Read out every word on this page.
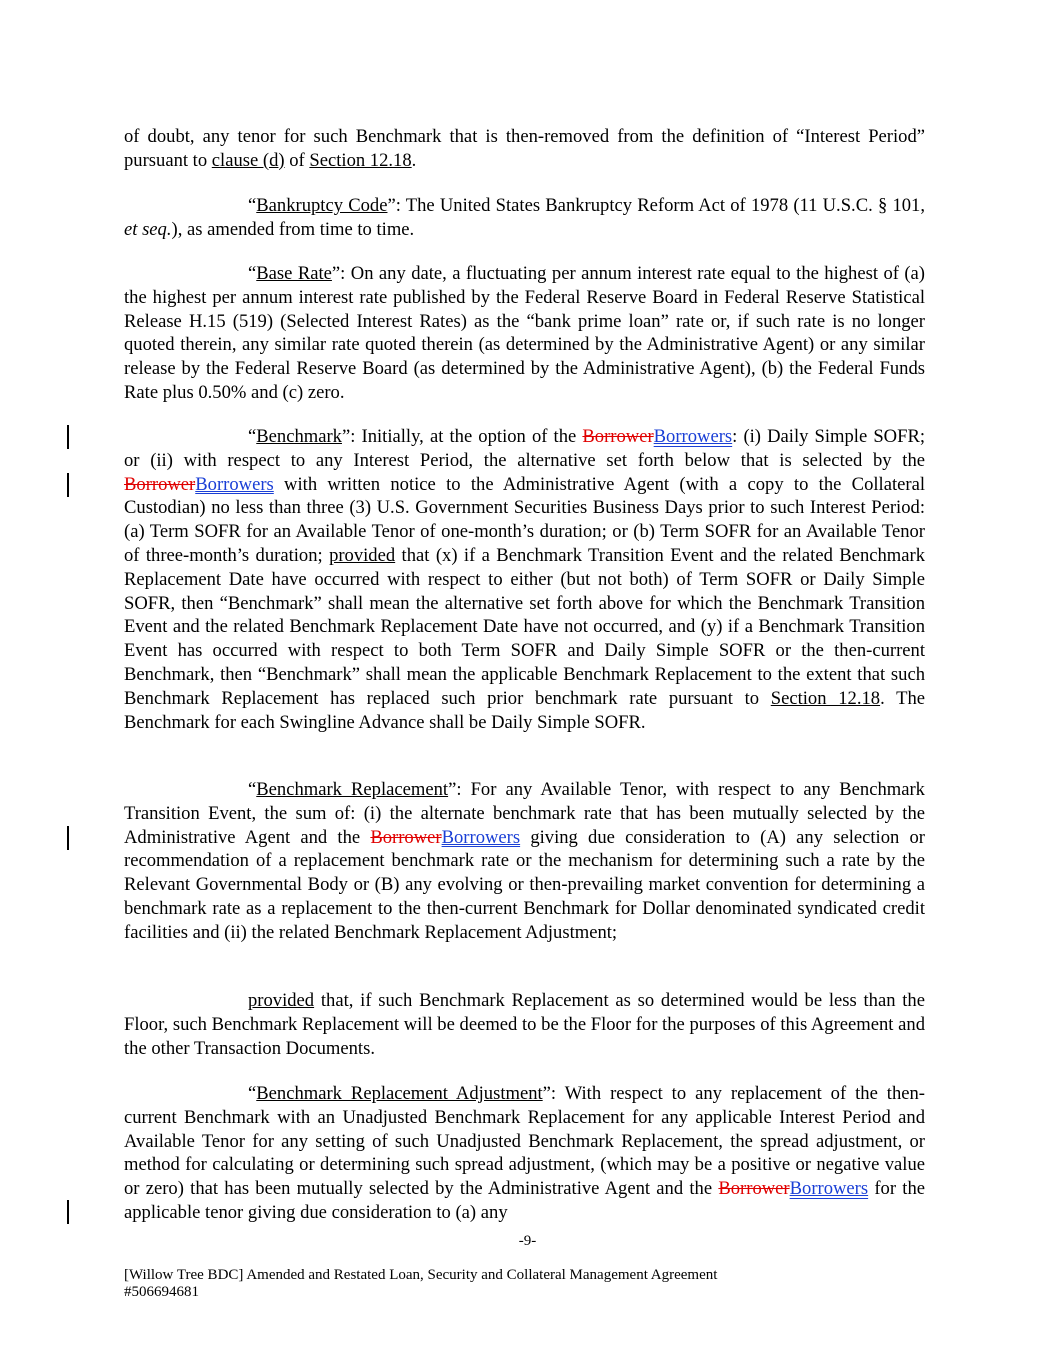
of doubt, any tenor for such Benchmark that is then-removed from the definition of “Interest Period” pursuant to clause (d) of Section 12.18.

“Bankruptcy Code”: The United States Bankruptcy Reform Act of 1978 (11 U.S.C. § 101, et seq.), as amended from time to time.

“Base Rate”: On any date, a fluctuating per annum interest rate equal to the highest of (a) the highest per annum interest rate published by the Federal Reserve Board in Federal Reserve Statistical Release H.15 (519) (Selected Interest Rates) as the “bank prime loan” rate or, if such rate is no longer quoted therein, any similar rate quoted therein (as determined by the Administrative Agent) or any similar release by the Federal Reserve Board (as determined by the Administrative Agent), (b) the Federal Funds Rate plus 0.50% and (c) zero.

“Benchmark”: Initially, at the option of the BorrowerBorrowers: (i) Daily Simple SOFR; or (ii) with respect to any Interest Period, the alternative set forth below that is selected by the BorrowerBorrowers with written notice to the Administrative Agent (with a copy to the Collateral Custodian) no less than three (3) U.S. Government Securities Business Days prior to such Interest Period: (a) Term SOFR for an Available Tenor of one-month’s duration; or (b) Term SOFR for an Available Tenor of three-month’s duration; provided that (x) if a Benchmark Transition Event and the related Benchmark Replacement Date have occurred with respect to either (but not both) of Term SOFR or Daily Simple SOFR, then “Benchmark” shall mean the alternative set forth above for which the Benchmark Transition Event and the related Benchmark Replacement Date have not occurred, and (y) if a Benchmark Transition Event has occurred with respect to both Term SOFR and Daily Simple SOFR or the then-current Benchmark, then “Benchmark” shall mean the applicable Benchmark Replacement to the extent that such Benchmark Replacement has replaced such prior benchmark rate pursuant to Section 12.18. The Benchmark for each Swingline Advance shall be Daily Simple SOFR.

“Benchmark Replacement”: For any Available Tenor, with respect to any Benchmark Transition Event, the sum of: (i) the alternate benchmark rate that has been mutually selected by the Administrative Agent and the BorrowerBorrowers giving due consideration to (A) any selection or recommendation of a replacement benchmark rate or the mechanism for determining such a rate by the Relevant Governmental Body or (B) any evolving or then-prevailing market convention for determining a benchmark rate as a replacement to the then-current Benchmark for Dollar denominated syndicated credit facilities and (ii) the related Benchmark Replacement Adjustment;

provided that, if such Benchmark Replacement as so determined would be less than the Floor, such Benchmark Replacement will be deemed to be the Floor for the purposes of this Agreement and the other Transaction Documents.

“Benchmark Replacement Adjustment”: With respect to any replacement of the then-current Benchmark with an Unadjusted Benchmark Replacement for any applicable Interest Period and Available Tenor for any setting of such Unadjusted Benchmark Replacement, the spread adjustment, or method for calculating or determining such spread adjustment, (which may be a positive or negative value or zero) that has been mutually selected by the Administrative Agent and the BorrowerBorrowers for the applicable tenor giving due consideration to (a) any

-9-
[Willow Tree BDC] Amended and Restated Loan, Security and Collateral Management Agreement
#506694681
